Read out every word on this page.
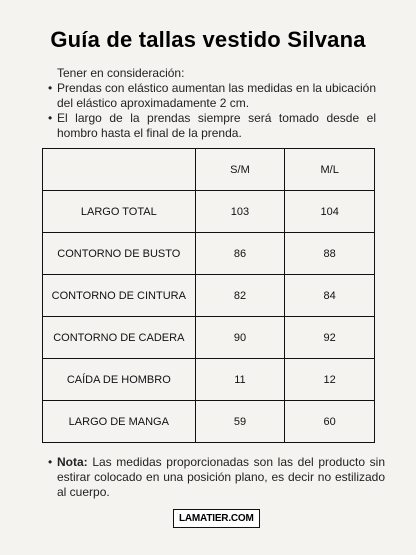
Guía de tallas vestido Silvana
Tener en consideración:
• Prendas con elástico aumentan las medidas en la ubicación del elástico aproximadamente 2 cm.
• El largo de la prendas siempre será tomado desde el hombro hasta el final de la prenda.
	S/M	M/L
LARGO TOTAL	103	104
CONTORNO DE BUSTO	86	88
CONTORNO DE CINTURA	82	84
CONTORNO DE CADERA	90	92
CAÍDA DE HOMBRO	11	12
LARGO DE MANGA	59	60
• Nota: Las medidas proporcionadas son las del producto sin estirar colocado en una posición plano, es decir no estilizado al cuerpo.
LAMATIER.COM
